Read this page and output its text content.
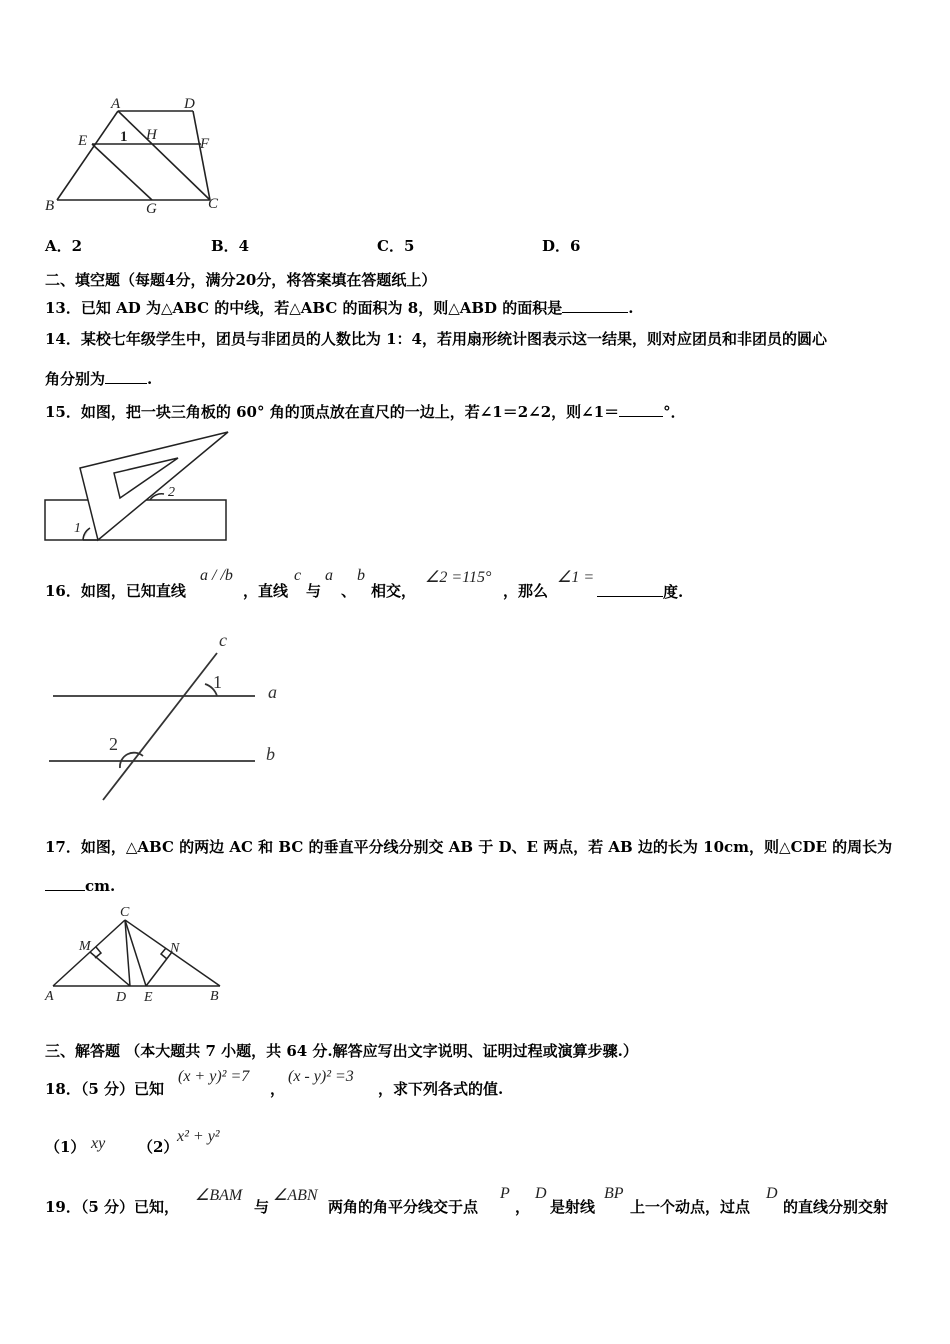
A	D
E 1 H
F
B	G	C
A．2	B．4	C．5	D．6
二、填空题（每题4分，满分20分，将答案填在答题纸上）
13．已知 AD 为△ABC 的中线，若△ABC 的面积为 8，则△ABD 的面积是	.
14．某校七年级学生中，团员与非团员的人数比为 1：4，若用扇形统计图表示这一结果，则对应团员和非团员的圆心
角分别为	.
15．如图，把一块三角板的 60° 角的顶点放在直尺的一边上，若∠1＝2∠2，则∠1＝	°．
2
1
16．如图，已知直线
a / /b
，直线
c
与
a
、
b
相交，
∠2 =115°
，那么
∠1 =
度.
c
1	a
2	b
17．如图，△ABC 的两边 AC 和 BC 的垂直平分线分别交 AB 于 D、E 两点，若 AB 边的长为 10cm，则△CDE 的周长为
cm.
C
M	N
A	D E	B
三、解答题 （本大题共 7 小题，共 64 分.解答应写出文字说明、证明过程或演算步骤.）
18．（5 分）已知
(x + y)² =7
，
(x - y)² =3
，求下列各式的值.
（1） xy （2）
x² + y²
19．（5 分）已知，
∠BAM
与
∠ABN
两角的角平分线交于点
P
，
D
是射线
BP
上一个动点，过点
D
的直线分别交射
